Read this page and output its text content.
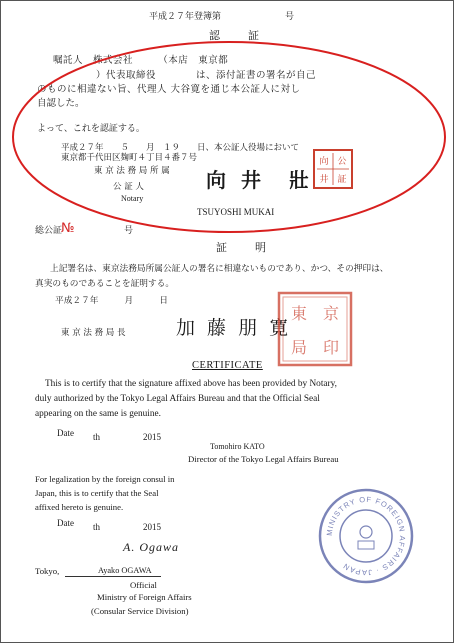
平成２７年登簿第	号
認　　証
嘱託人　株式会社　　　（本店　東京都
）代表取締役　　　　は、添付証書の署名が自己
のものに相違ない旨、代理人 大谷寛を通じ本公証人に対し
自認した。
よって、これを認証する。
平成２７年　　５　　月　１９　　日、本公証人役場において
東京都千代田区麹町４丁目４番７号
東 京 法 務 局 所 属
公 証 人
Notary
向 井　壯
TSUYOSHI MUKAI
向 公
井 証
総公証
№	号
証　　明
上記署名は、東京法務局所属公証人の署名に相違ないものであり、かつ、その押印は、
真実のものであることを証明する。
平成２７年　　　月　　　日
東 京 法 務 局 長	加 藤 朋 寛
東 京
局 印
CERTIFICATE
This is to certify that the signature affixed above has been provided by Notary,
duly authorized by the Tokyo Legal Affairs Bureau and that the Official Seal
appearing on the same is genuine.
Date th	2015
Tomohiro KATO
Director of the Tokyo Legal Affairs Bureau
For legalization by the foreign consul in
Japan, this is to certify that the Seal
affixed hereto is genuine.
Date th	2015
A. Ogawa
Tokyo,	Ayako OGAWA
Official
Ministry of Foreign Affairs
(Consular Service Division)
MINISTRY OF FOREIGN AFFAIRS · JAPAN
